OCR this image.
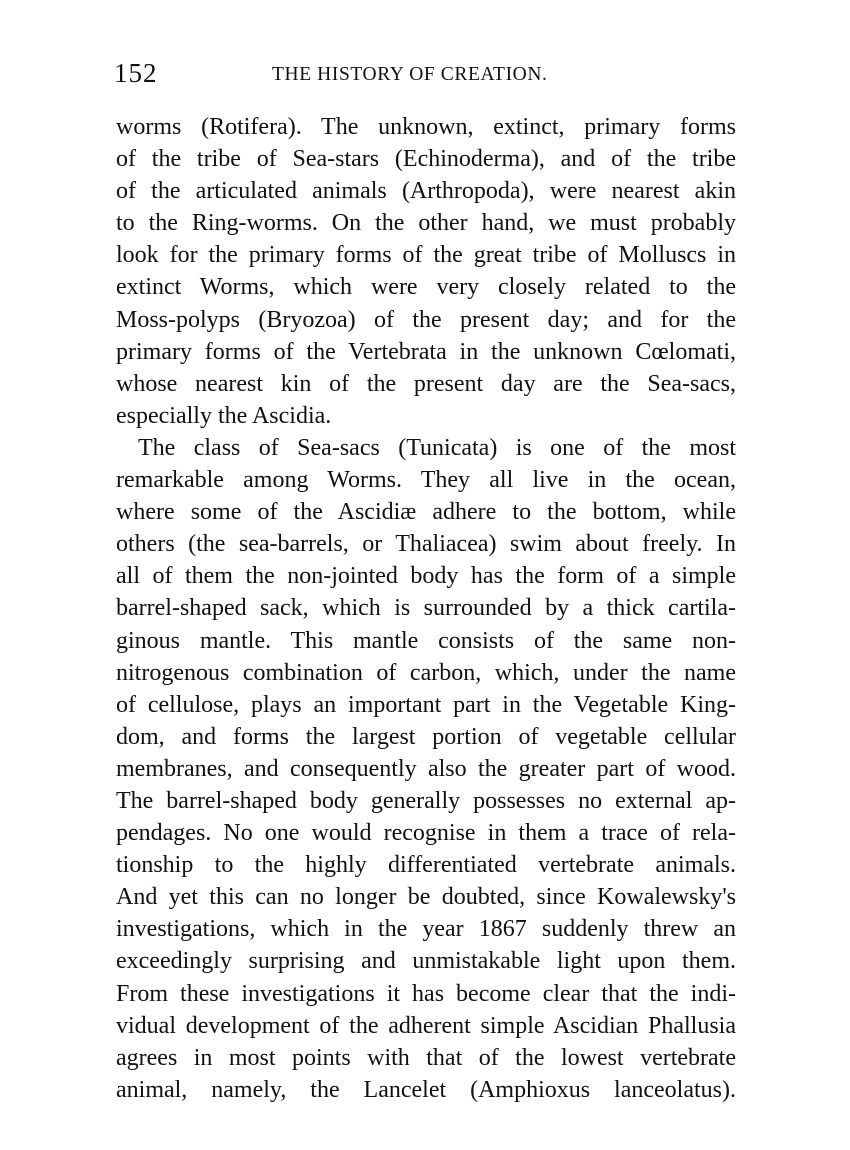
152	THE HISTORY OF CREATION.
worms (Rotifera). The unknown, extinct, primary forms
of the tribe of Sea-stars (Echinoderma), and of the tribe
of the articulated animals (Arthropoda), were nearest akin
to the Ring-worms. On the other hand, we must probably
look for the primary forms of the great tribe of Molluscs in
extinct Worms, which were very closely related to the
Moss-polyps (Bryozoa) of the present day; and for the
primary forms of the Vertebrata in the unknown Cœlomati,
whose nearest kin of the present day are the Sea-sacs,
especially the Ascidia.
The class of Sea-sacs (Tunicata) is one of the most
remarkable among Worms. They all live in the ocean,
where some of the Ascidiæ adhere to the bottom, while
others (the sea-barrels, or Thaliacea) swim about freely. In
all of them the non-jointed body has the form of a simple
barrel-shaped sack, which is surrounded by a thick cartila-
ginous mantle. This mantle consists of the same non-
nitrogenous combination of carbon, which, under the name
of cellulose, plays an important part in the Vegetable King-
dom, and forms the largest portion of vegetable cellular
membranes, and consequently also the greater part of wood.
The barrel-shaped body generally possesses no external ap-
pendages. No one would recognise in them a trace of rela-
tionship to the highly differentiated vertebrate animals.
And yet this can no longer be doubted, since Kowalewsky's
investigations, which in the year 1867 suddenly threw an
exceedingly surprising and unmistakable light upon them.
From these investigations it has become clear that the indi-
vidual development of the adherent simple Ascidian Phallusia
agrees in most points with that of the lowest vertebrate
animal, namely, the Lancelet (Amphioxus lanceolatus).
